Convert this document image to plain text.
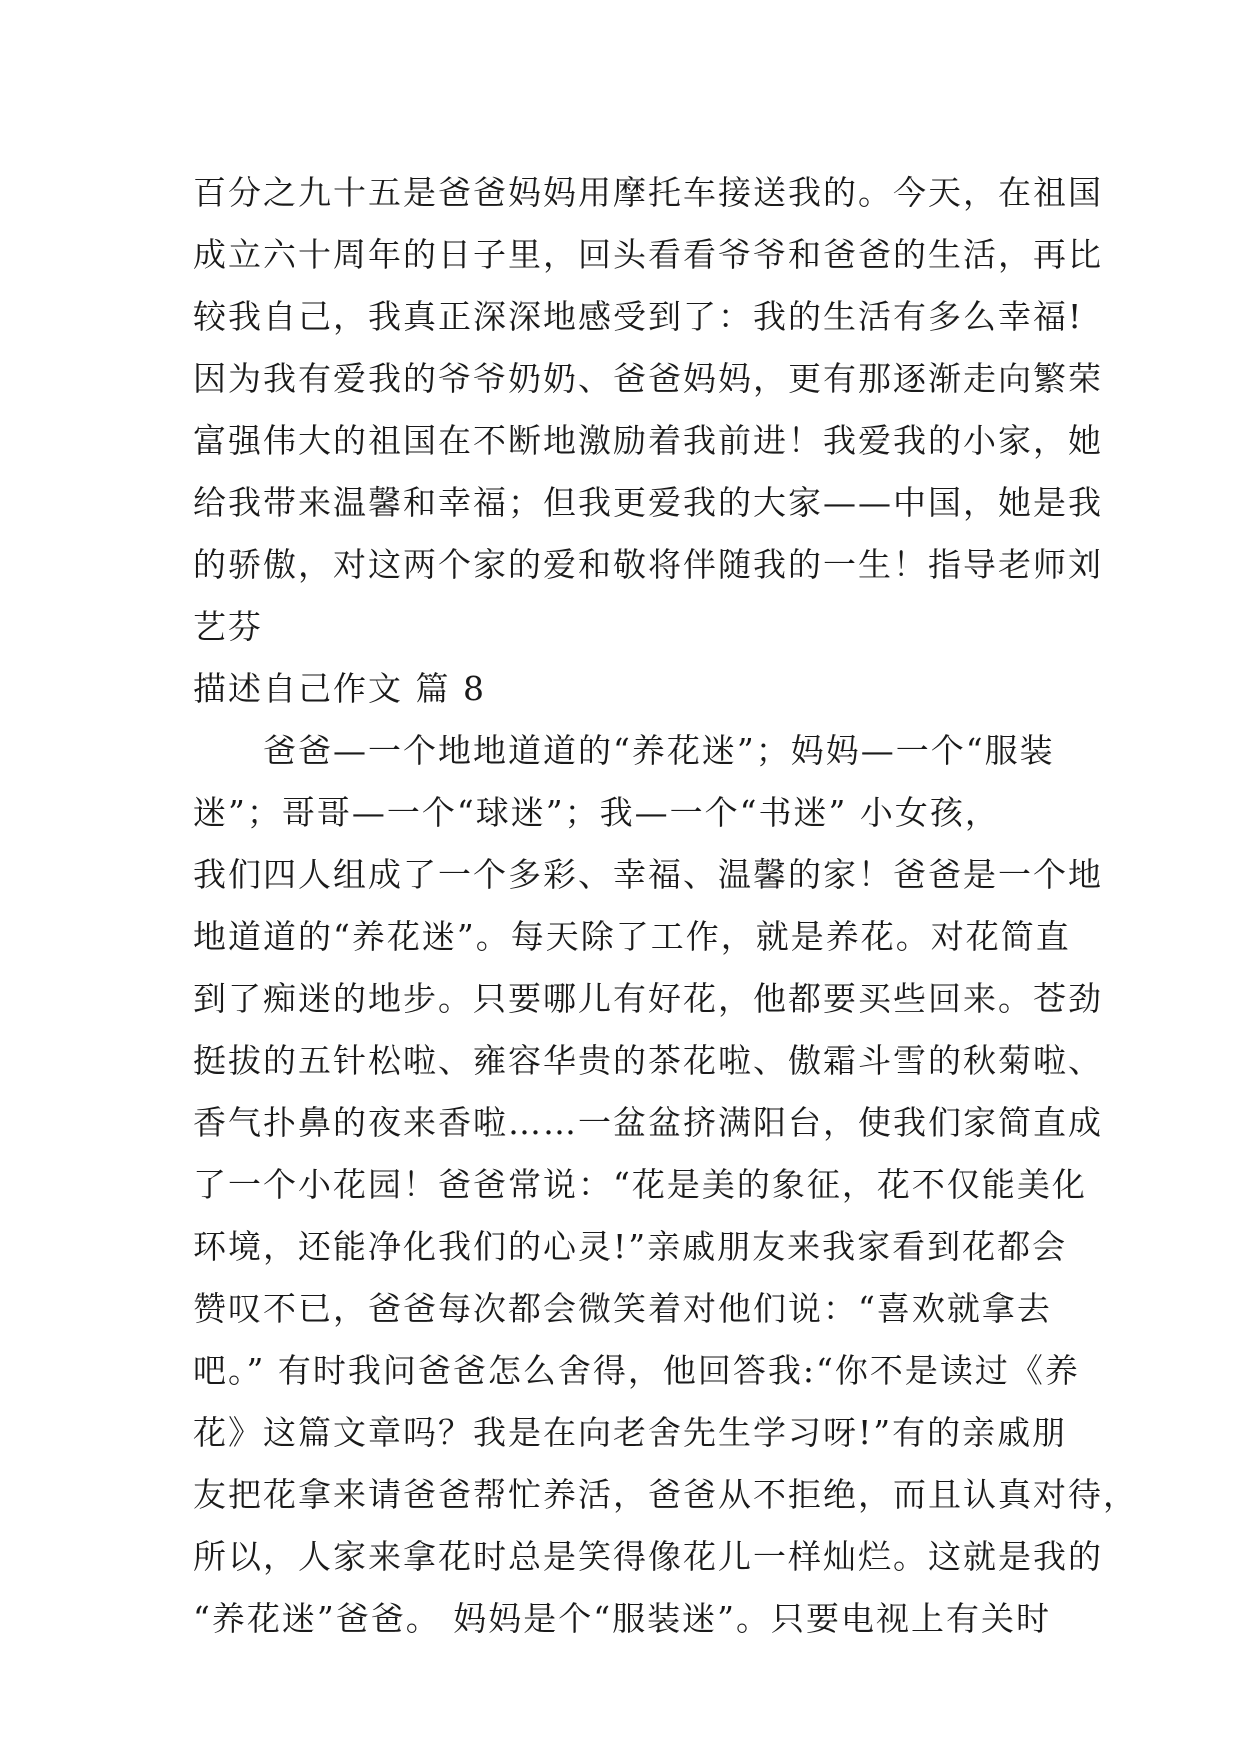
百分之九十五是爸爸妈妈用摩托车接送我的。今天，在祖国
成立六十周年的日子里，回头看看爷爷和爸爸的生活，再比
较我自己，我真正深深地感受到了：我的生活有多么幸福!
因为我有爱我的爷爷奶奶、爸爸妈妈，更有那逐渐走向繁荣
富强伟大的祖国在不断地激励着我前进！我爱我的小家，她
给我带来温馨和幸福；但我更爱我的大家——中国，她是我
的骄傲，对这两个家的爱和敬将伴随我的一生！指导老师刘
艺芬
描述自己作文 篇 8
　　爸爸—一个地地道道的“养花迷”；妈妈—一个“服装
迷”；哥哥—一个“球迷”；我—一个“书迷” 小女孩，
我们四人组成了一个多彩、幸福、温馨的家！爸爸是一个地
地道道的“养花迷”。每天除了工作，就是养花。对花简直
到了痴迷的地步。只要哪儿有好花，他都要买些回来。苍劲
挺拔的五针松啦、雍容华贵的茶花啦、傲霜斗雪的秋菊啦、
香气扑鼻的夜来香啦……一盆盆挤满阳台，使我们家简直成
了一个小花园！爸爸常说：“花是美的象征，花不仅能美化
环境，还能净化我们的心灵!”亲戚朋友来我家看到花都会
赞叹不已，爸爸每次都会微笑着对他们说：“喜欢就拿去
吧。” 有时我问爸爸怎么舍得，他回答我:“你不是读过《养
花》这篇文章吗？我是在向老舍先生学习呀!”有的亲戚朋
友把花拿来请爸爸帮忙养活，爸爸从不拒绝，而且认真对待，
所以，人家来拿花时总是笑得像花儿一样灿烂。这就是我的
“养花迷”爸爸。 妈妈是个“服装迷”。只要电视上有关时
